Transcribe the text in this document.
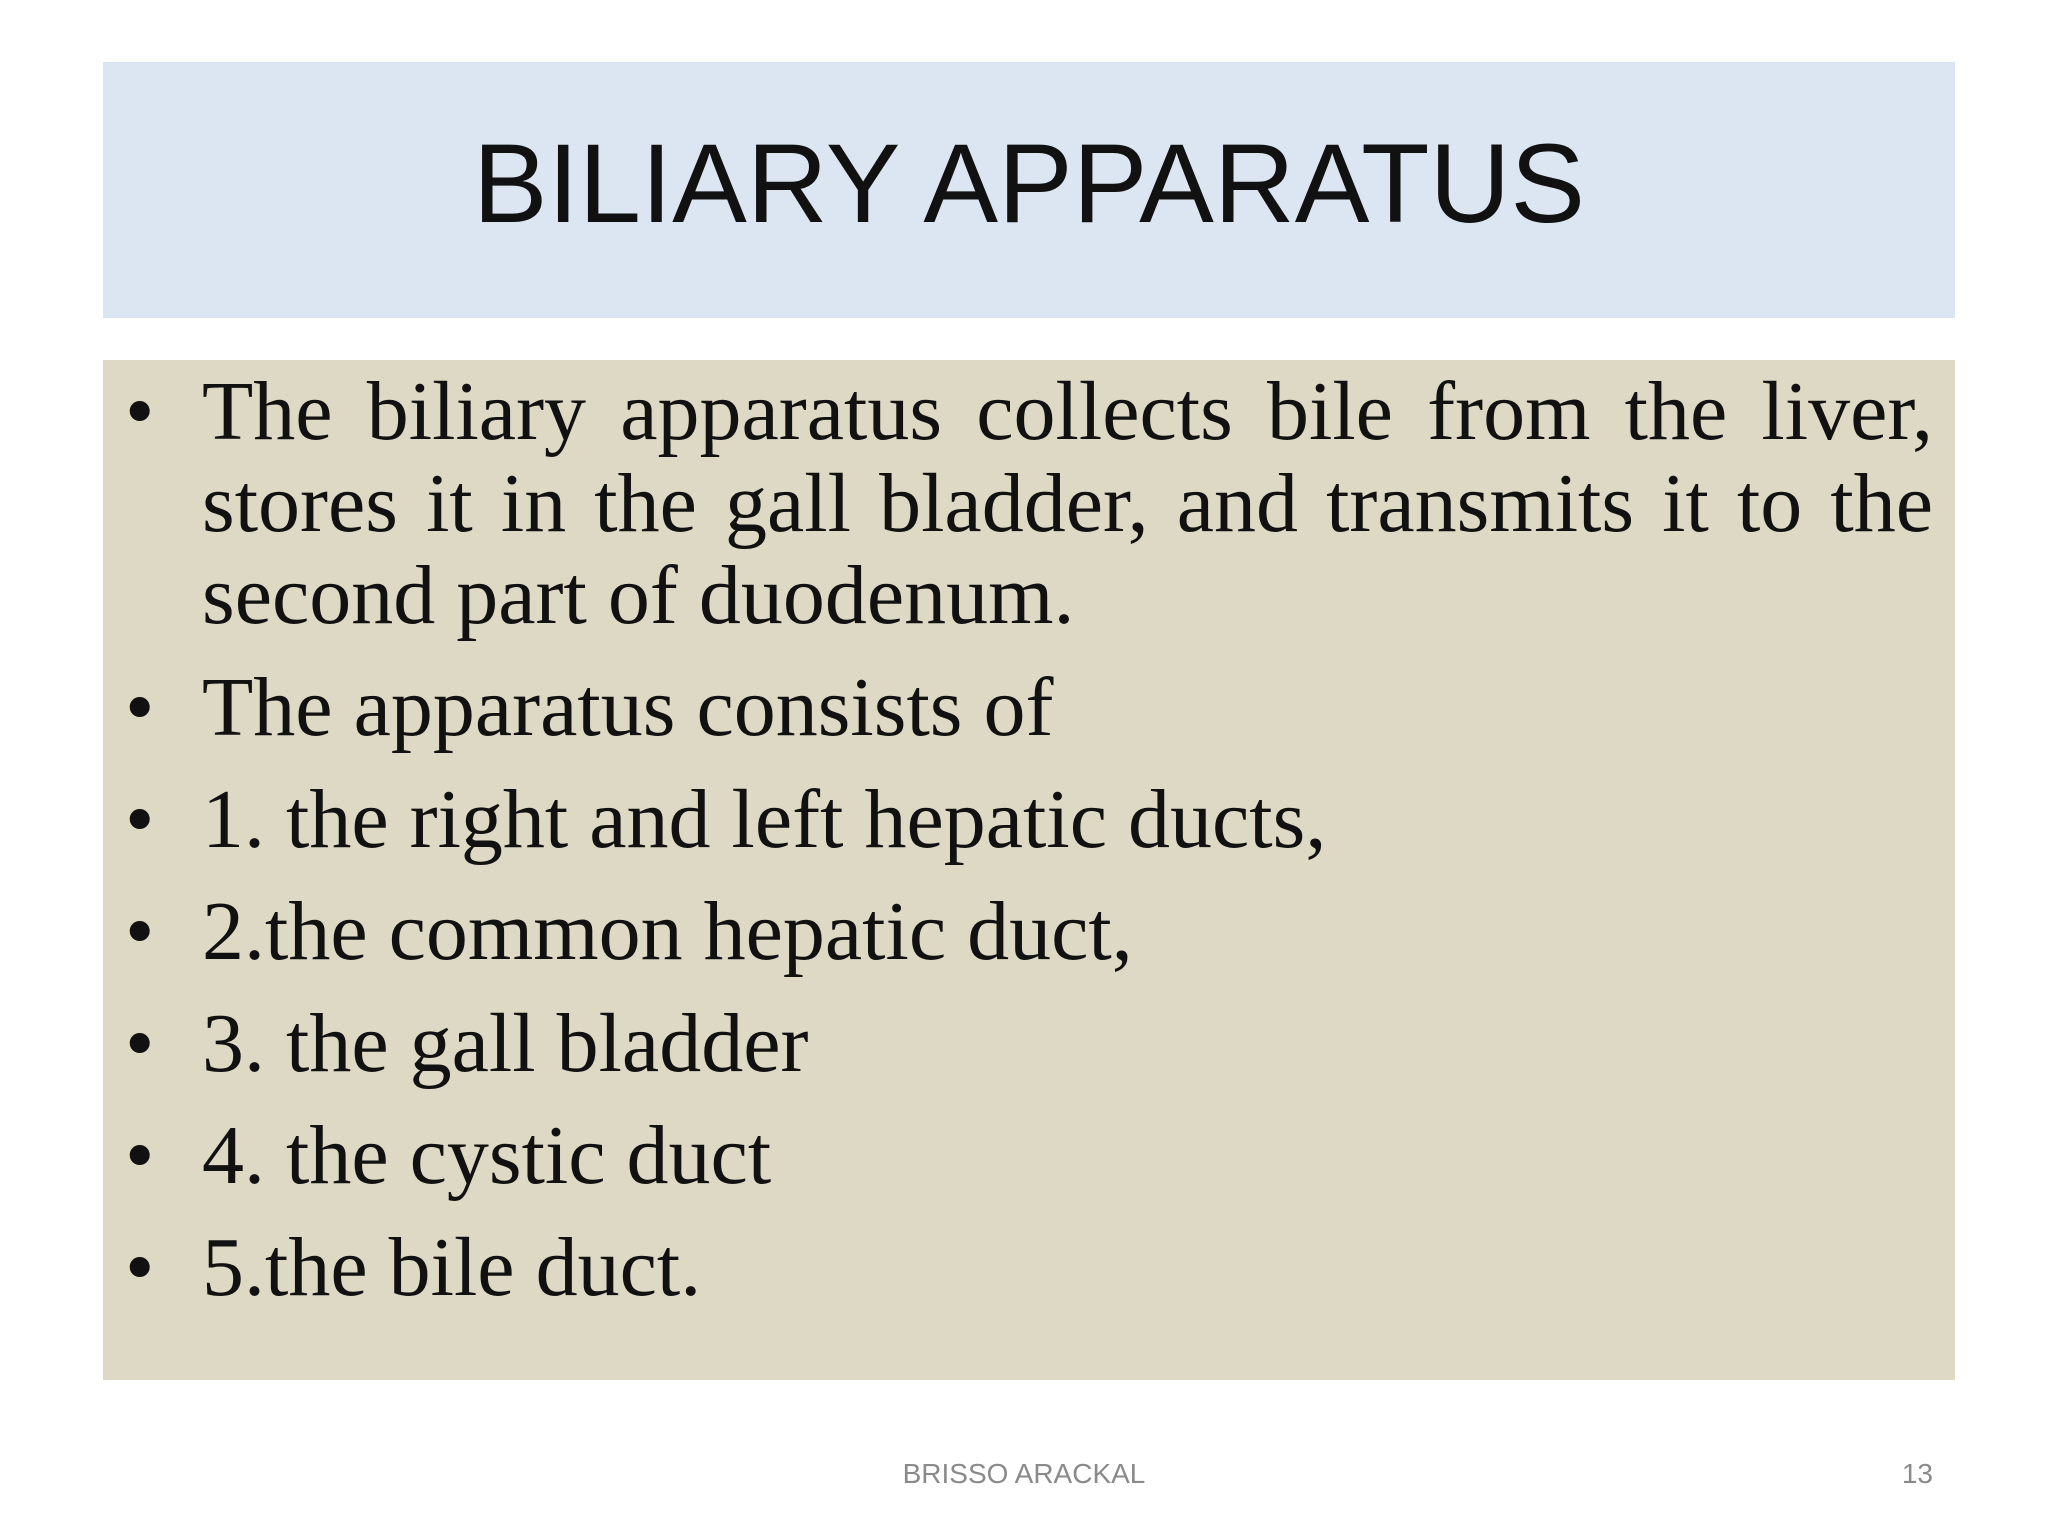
BILIARY APPARATUS
• The biliary apparatus collects bile from the liver, stores it in the gall bladder, and transmits it to the second part of duodenum.
• The apparatus consists of
• 1. the right and left hepatic ducts,
• 2.the common hepatic duct,
• 3. the gall bladder
• 4. the cystic duct
• 5.the bile duct.
BRISSO ARACKAL	13
